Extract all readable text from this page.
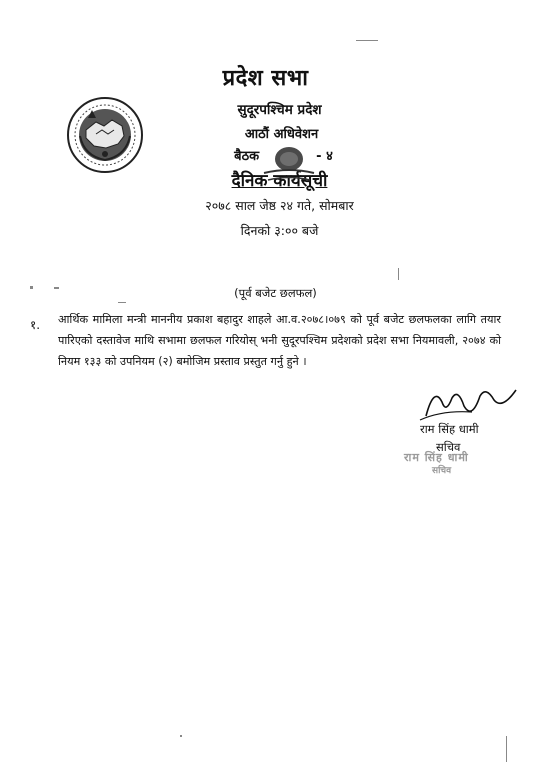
प्रदेश सभा
सुदूरपश्चिम प्रदेश
आठौं अधिवेशन
बैठक	- ४
दैनिक कार्यसूची
२०७८ साल जेष्ठ २४ गते, सोमबार
दिनको ३:०० बजे
(पूर्व बजेट छलफल)
१. आर्थिक मामिला मन्त्री माननीय प्रकाश बहादुर शाहले आ.व.२०७८।०७९ को पूर्व बजेट छलफलका लागि तयार पारिएको दस्तावेज माथि सभामा छलफल गरियोस् भनी सुदूरपश्चिम प्रदेशको प्रदेश सभा नियमावली, २०७४ को नियम १३३ को उपनियम (२) बमोजिम प्रस्ताव प्रस्तुत गर्नु हुने ।
राम सिंह धामी
सचिव
राम सिंह धामी
सचिव
